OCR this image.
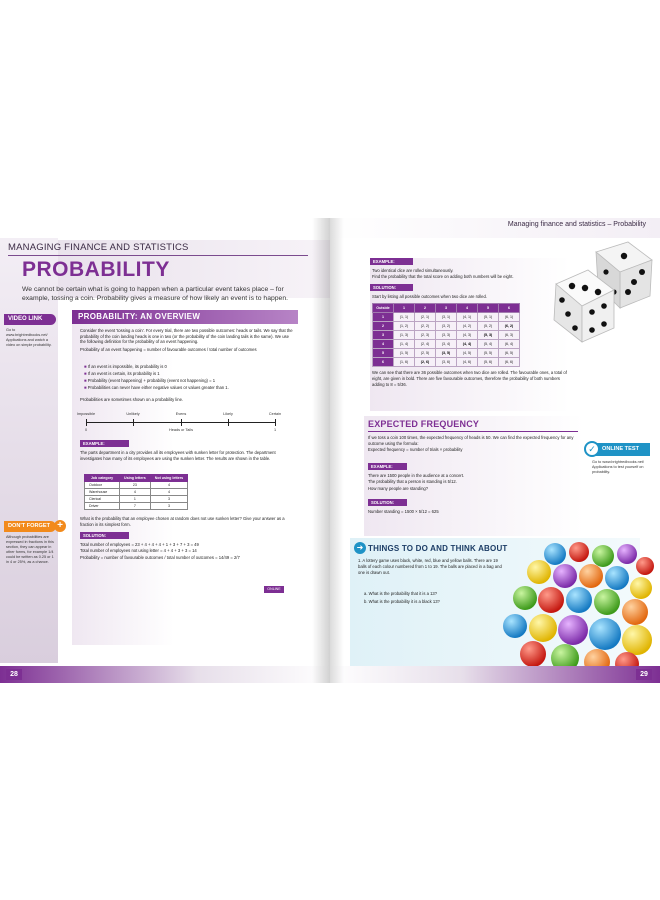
MANAGING FINANCE AND STATISTICS
PROBABILITY
We cannot be certain what is going to happen when a particular event takes place – for example, tossing a coin. Probability gives a measure of how likely an event is to happen.
VIDEO LINK
Go to www.brightredbooks.net/ Applications and watch a video on simple probability.
DON'T FORGET +
Although probabilities are expressed in fractions in this section, they can appear in other forms, for example 1/4 could be written as 0.25 or 1 in 4 or 25%, as a chance.
PROBABILITY: AN OVERVIEW

Consider the event 'tossing a coin'. For every trial, there are two possible outcomes: heads or tails. We say that the probability of the coin landing heads is one in two (or the probability of the coin landing tails is the same). We use the following definition for the probability of an event happening.

Probability of an event happening = number of favourable outcomes / total number of outcomes

■ If an event is impossible, its probability is 0
■ If an event is certain, its probability is 1
■ Probability (event happening) + probability (event not happening) = 1
■ Probabilities can never have either negative values or values greater than 1.
Probabilities are sometimes shown on a probability line.
Impossible	Unlikely	Evens	Likely	Certain
0	Heads or Tails	1
EXAMPLE:
The parts department in a city provides all its employees with sunken letter for protection. The department investigates how many of its employees are using the sunken letter. The results are shown in the table.
Job category	Using letters	Not using letters
Outdoor	23	4
Warehouse	4	4
Clerical	1	3
Driver	7	3
What is the probability that an employee chosen at random does not use sunken letter? Give your answer as a fraction in its simplest form.
SOLUTION:
Total number of employees = 23 + 4 + 4 + 4 + 1 + 3 + 7 + 3 = 49
Total number of employees not using letter = 4 + 4 + 3 + 3 = 14
Probability = number of favourable outcomes / total number of outcomes = 14/49 = 2/7
ONLINE
28
Managing finance and statistics – Probability
EXAMPLE:
Two identical dice are rolled simultaneously.
Find the probability that the total score on adding both numbers will be eight.
SOLUTION:
Start by listing all possible outcomes when two dice are rolled.
Outside	1	2	3	4	5	6
1	(1, 1)	(2, 1)	(3, 1)	(4, 1)	(5, 1)	(6, 1)
2	(1, 2)	(2, 2)	(3, 2)	(4, 2)	(5, 2)	(6, 2)
3	(1, 3)	(2, 3)	(3, 3)	(4, 3)	(5, 3)	(6, 3)
4	(1, 4)	(2, 4)	(3, 4)	(4, 4)	(5, 4)	(6, 4)
5	(1, 5)	(2, 5)	(3, 5)	(4, 5)	(5, 5)	(6, 5)
6	(1, 6)	(2, 6)	(3, 6)	(4, 6)	(5, 6)	(6, 6)
We can see that there are 36 possible outcomes when two dice are rolled. The favourable ones, a total of eight, are given in bold. There are five favourable outcomes, therefore the probability of both numbers adding to 8 = 5/36.
EXPECTED FREQUENCY
If we toss a coin 100 times, the expected frequency of heads is 50. We can find the expected frequency for any outcome using the formula:
Expected frequency = number of trials × probability
EXAMPLE:
There are 1500 people in the audience at a concert.
The probability that a person is standing is 5/12.
How many people are standing?
SOLUTION:
Number standing = 1500 × 5/12 = 625
ONLINE TEST
✓
Go to www.brightredbooks.net/ Applications to test yourself on probability.
➜ THINGS TO DO AND THINK ABOUT
1. A lottery game uses black, white, red, blue and yellow balls. There are 19 balls of each colour numbered from 1 to 19. The balls are placed in a bag and one is drawn out.
a. What is the probability that it is a 13?
b. What is the probability it is a black 13?
29
